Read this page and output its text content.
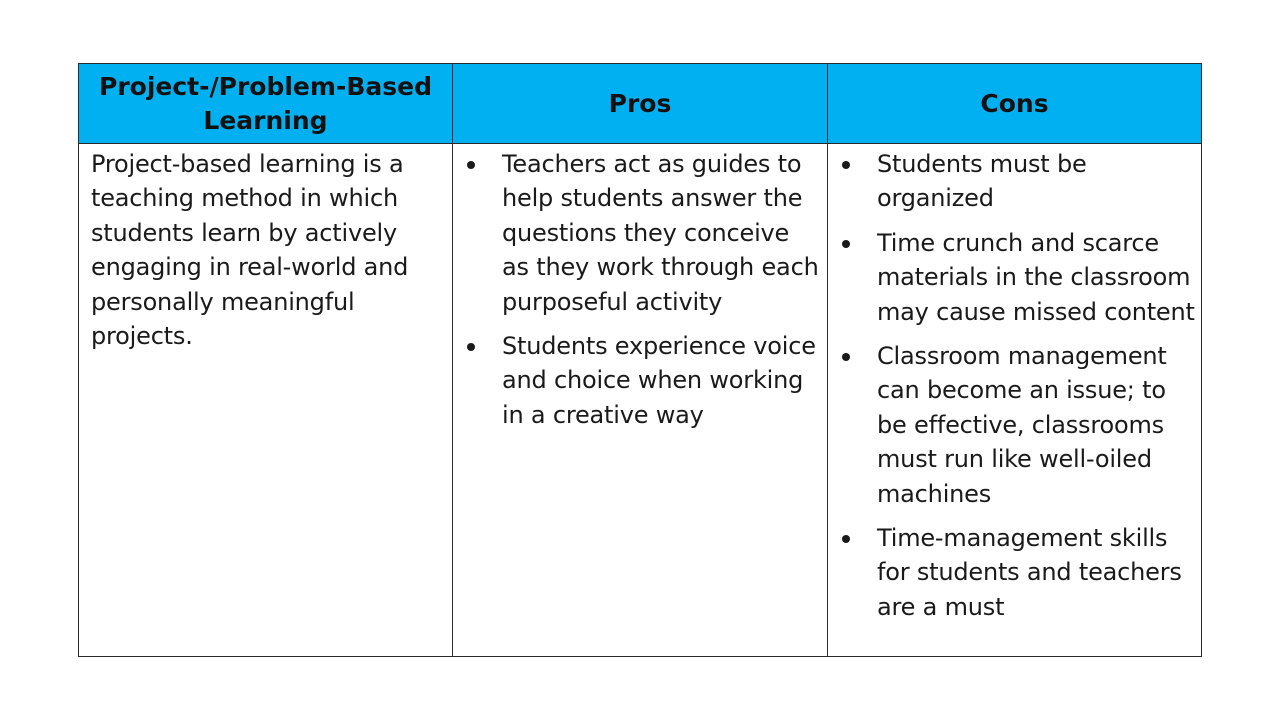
Project-/Problem-Based Learning
Pros	Cons
Project-based learning is a teaching method in which students learn by actively engaging in real-world and personally meaningful projects.
Teachers act as guides to help students answer the questions they conceive as they work through each purposeful activity
Students experience voice and choice when working in a creative way
Students must be organized
Time crunch and scarce materials in the classroom may cause missed content
Classroom management can become an issue; to be effective, classrooms must run like well-oiled machines
Time-management skills for students and teachers are a must
